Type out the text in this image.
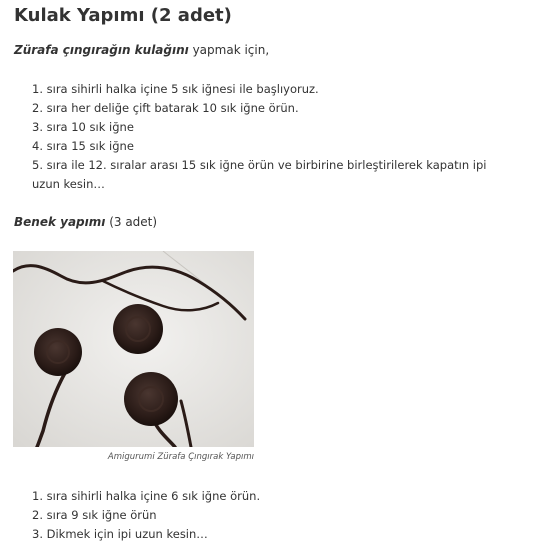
Kulak Yapımı (2 adet)

Zürafa çıngırağın kulağını yapmak için,

1. sıra sihirli halka içine 5 sık iğnesi ile başlıyoruz.
2. sıra her deliğe çift batarak 10 sık iğne örün.
3. sıra 10 sık iğne
4. sıra 15 sık iğne
5. sıra ile 12. sıralar arası 15 sık iğne örün ve birbirine birleştirilerek kapatın ipi uzun kesin…

Benek yapımı (3 adet)

Amigurumi Zürafa Çıngırak Yapımı
1. sıra sihirli halka içine 6 sık iğne örün.
2. sıra 9 sık iğne örün
3. Dikmek için ipi uzun kesin…
